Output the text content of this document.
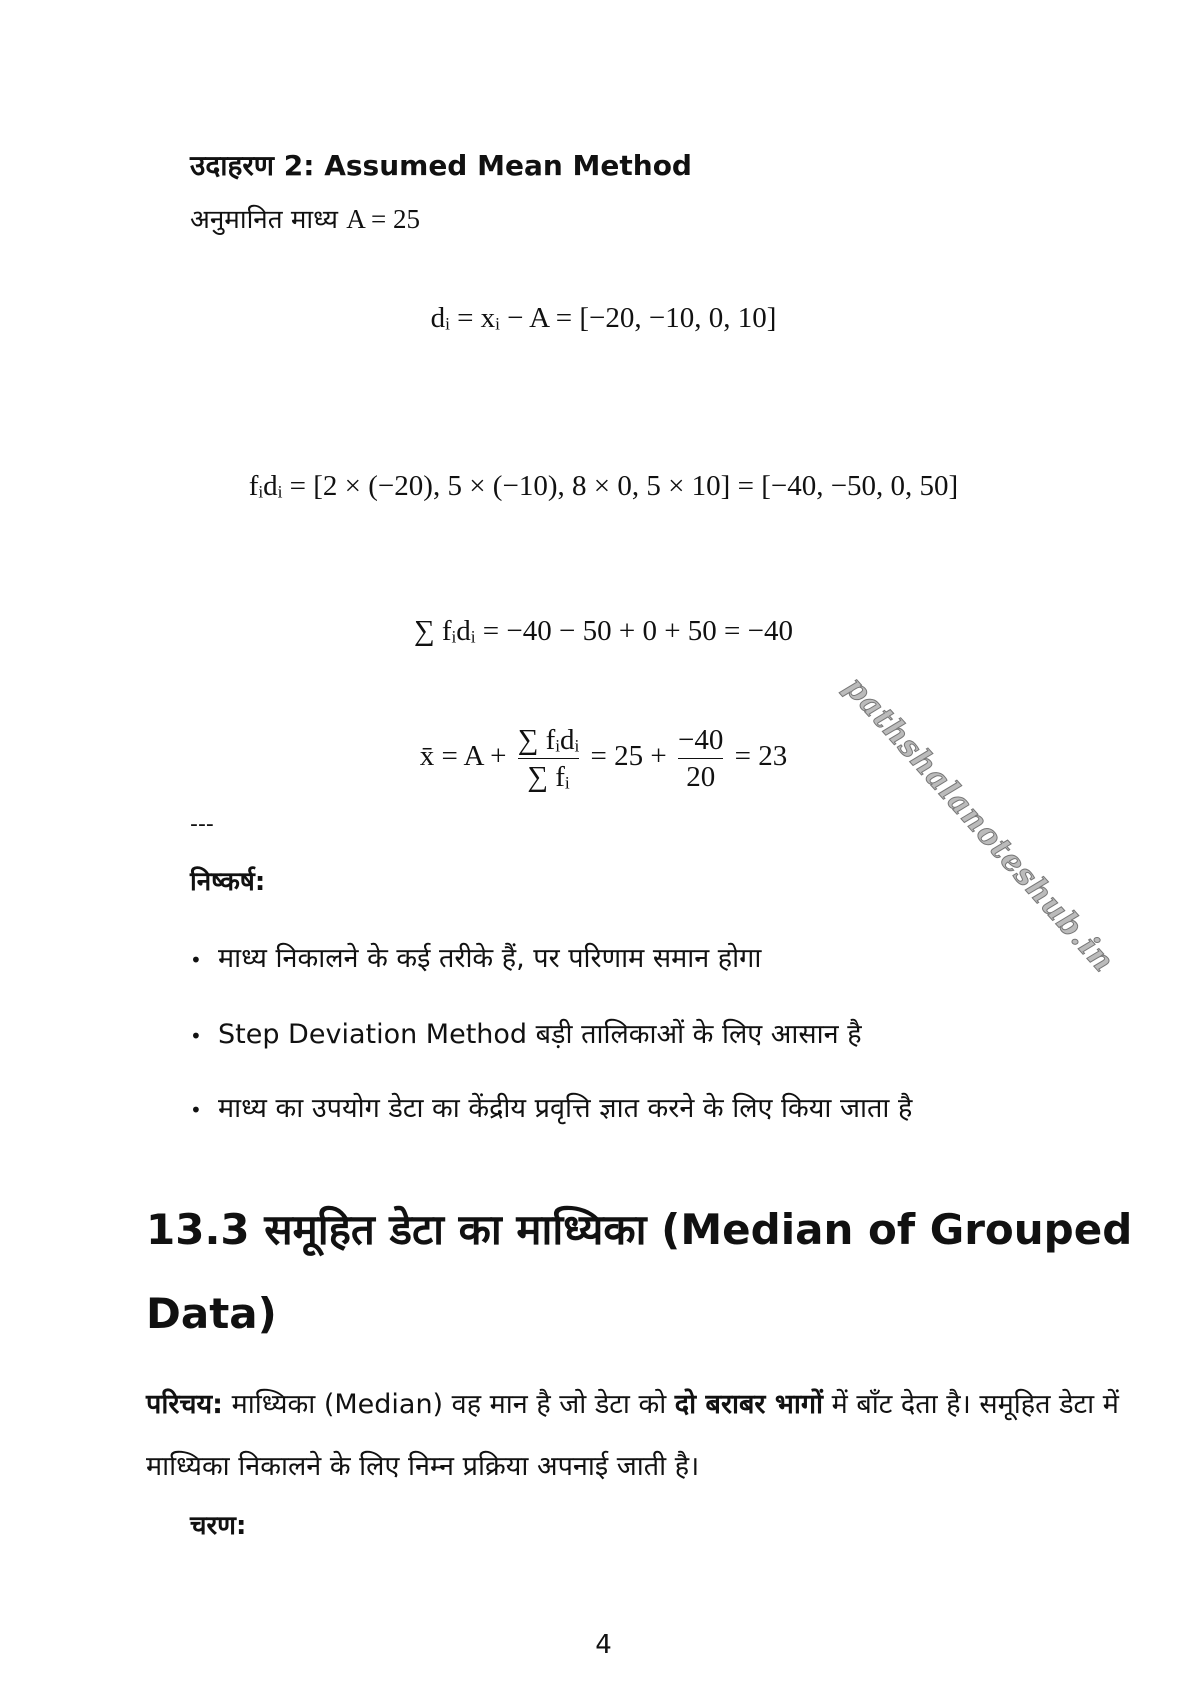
उदाहरण 2: Assumed Mean Method
अनुमानित माध्य A = 25
dᵢ = xᵢ − A = [−20, −10, 0, 10]
fᵢdᵢ = [2 × (−20), 5 × (−10), 8 × 0, 5 × 10] = [−40, −50, 0, 50]
∑ fᵢdᵢ = −40 − 50 + 0 + 50 = −40
x̄ = $A + \frac{\text{∑ fᵢdᵢ}}{\text{∑ fᵢ}} = 25 + \frac{-40}{20} = 23$
---
निष्कर्ष:
• माध्य निकालने के कई तरीके हैं, पर परिणाम समान होगा
• Step Deviation Method बड़ी तालिकाओं के लिए आसान है
• माध्य का उपयोग डेटा का केंद्रीय प्रवृत्ति ज्ञात करने के लिए किया जाता है
13.3 समूहित डेटा का माध्यिका (Median of Grouped Data)
परिचय: माध्यिका (Median) वह मान है जो डेटा को दो बराबर भागों में बाँट देता है। समूहित डेटा में माध्यिका निकालने के लिए निम्न प्रक्रिया अपनाई जाती है।
चरण:
4
pathshalanoteshub.in
